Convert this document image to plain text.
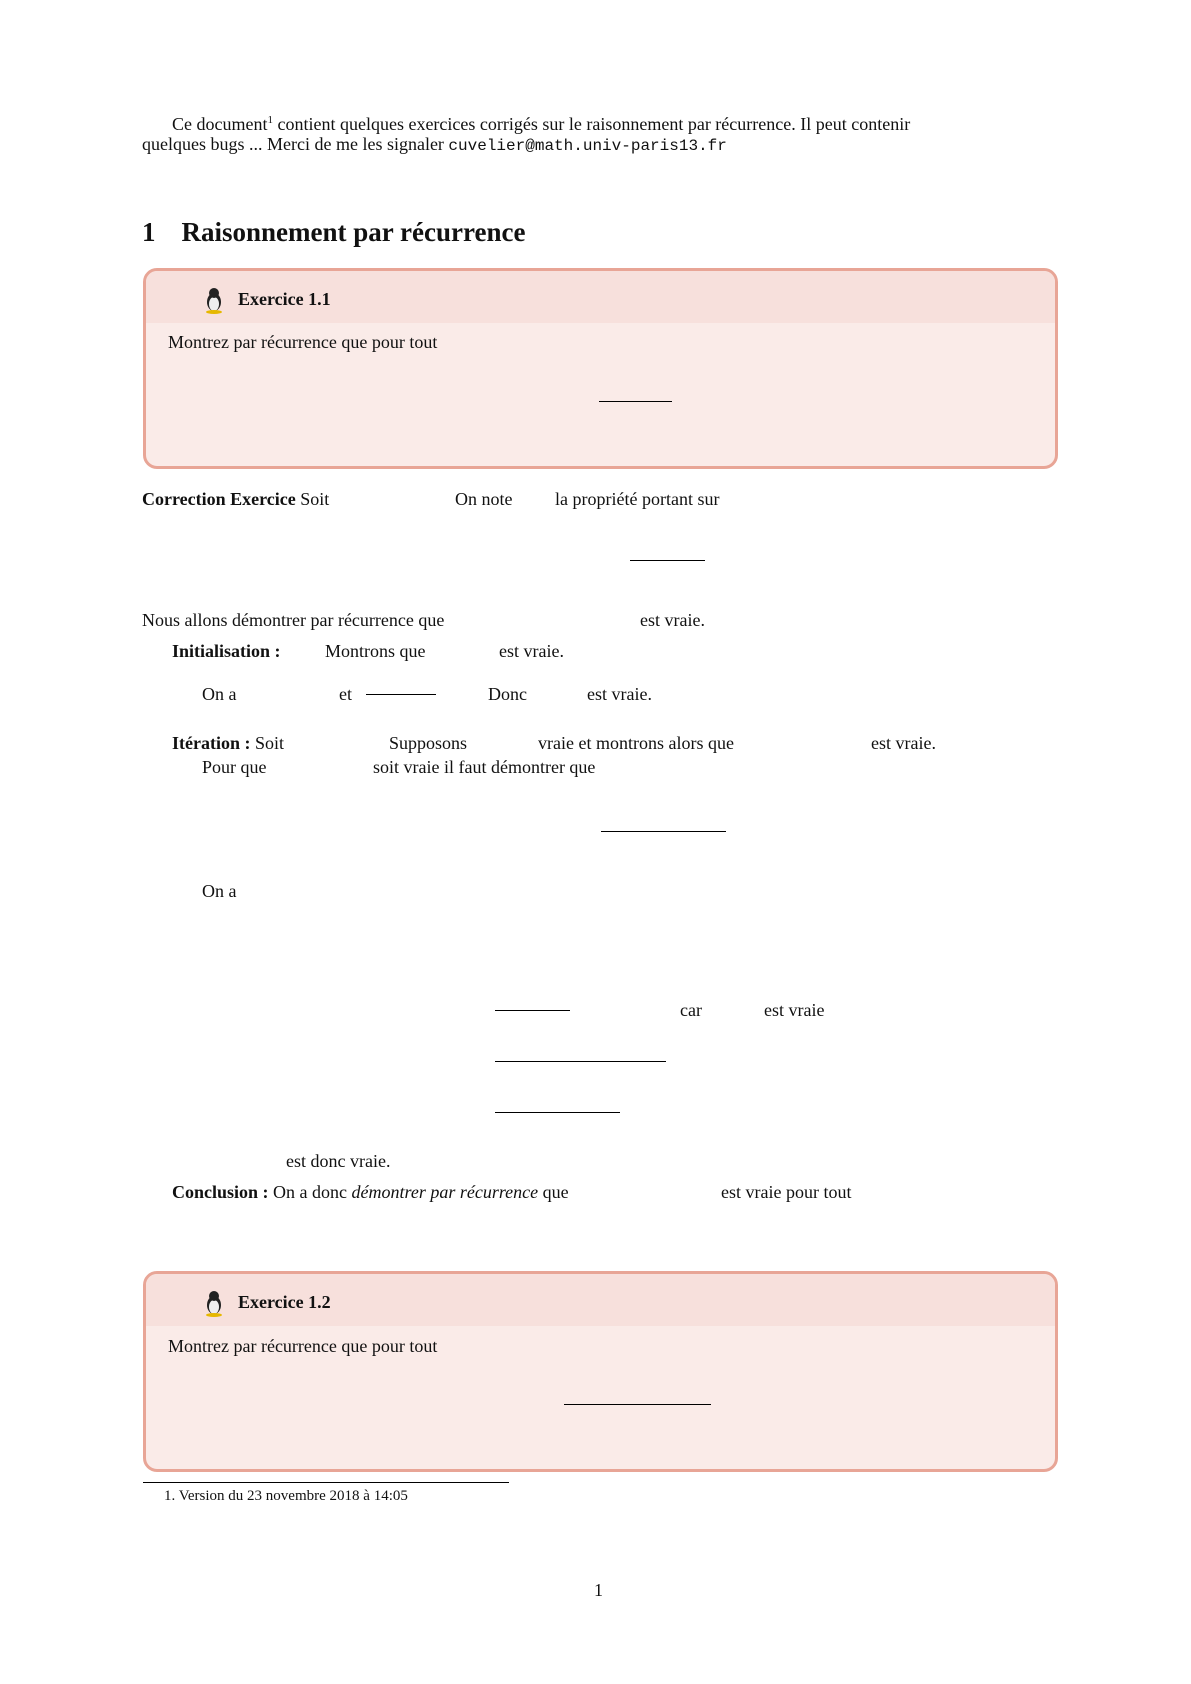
Ce document$^1$ contient quelques exercices corrigés sur le raisonnement par récurrence. Il peut contenir
quelques bugs ... Merci de me les signaler cuvelier@math.univ-paris13.fr
1 Raisonnement par récurrence
Exercice 1.1
Montrez par récurrence que pour tout
Correction Exercice Soit	On note la propriété portant sur
Nous allons démontrer par récurrence que	est vraie.
Initialisation : Montrons que	est vraie.
On a	et	Donc	est vraie.
Itération : Soit	Supposons	vraie et montrons alors que	est vraie.
Pour que	soit vraie il faut démontrer que
On a
car	est vraie
est donc vraie.
Conclusion : On a donc démontrer par récurrence que	est vraie pour tout
Exercice 1.2
Montrez par récurrence que pour tout
1. Version du 23 novembre 2018 à 14:05
1
